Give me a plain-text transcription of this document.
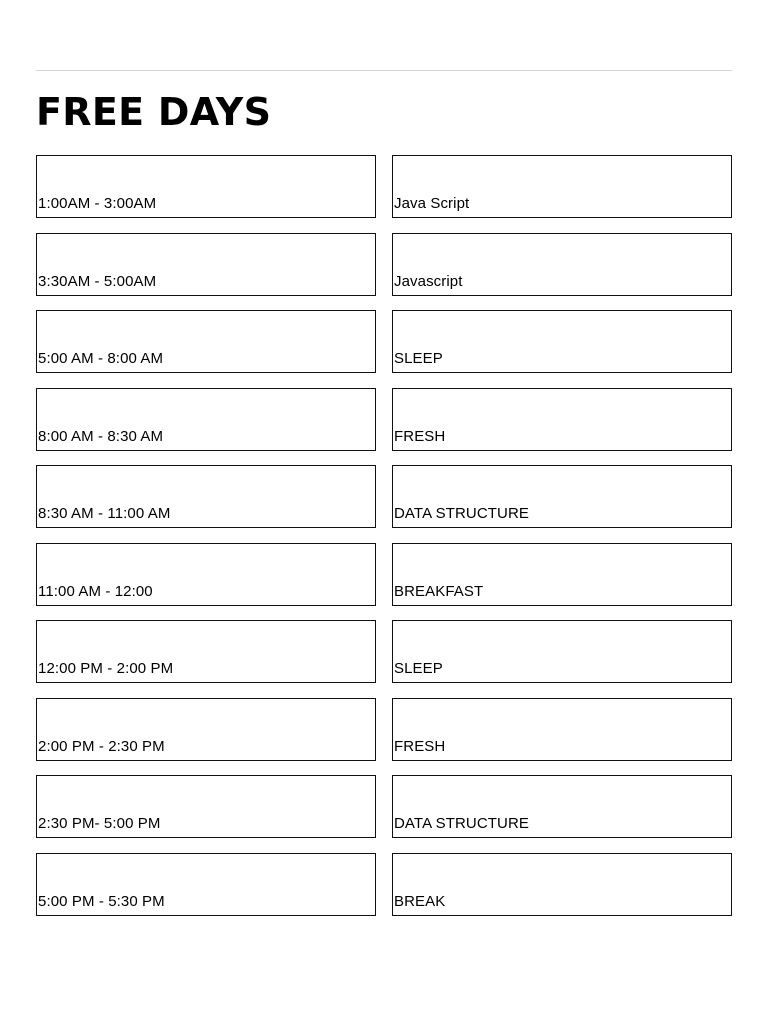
FREE DAYS
1:00AM - 3:00AM	Java Script
3:30AM - 5:00AM	Javascript
5:00 AM - 8:00 AM	SLEEP
8:00 AM - 8:30 AM	FRESH
8:30 AM - 11:00 AM	DATA STRUCTURE
11:00 AM - 12:00	BREAKFAST
12:00 PM - 2:00 PM	SLEEP
2:00 PM - 2:30 PM	FRESH
2:30 PM- 5:00 PM	DATA STRUCTURE
5:00 PM - 5:30 PM	BREAK
